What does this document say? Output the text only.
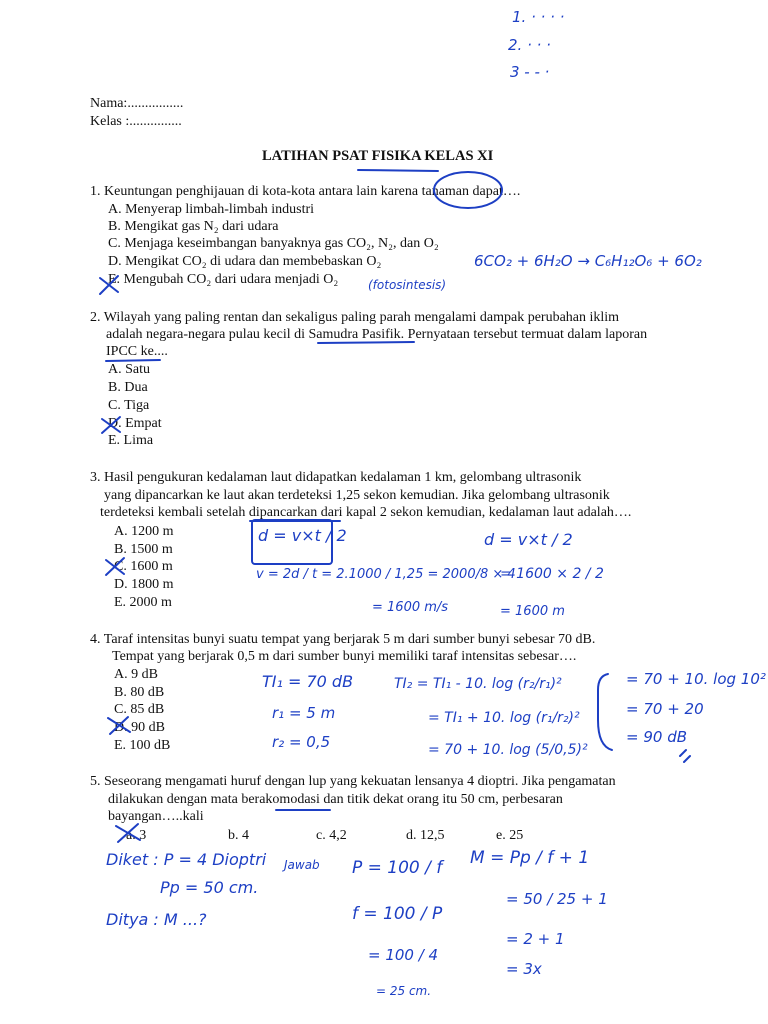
1. · · · ·
2. · · ·
3 - - ·
Nama:................
Kelas :...............
LATIHAN PSAT FISIKA KELAS XI
1. Keuntungan penghijauan di kota-kota antara lain karena tanaman dapat….
A. Menyerap limbah-limbah industri
B. Mengikat gas N₂ dari udara
C. Menjaga keseimbangan banyaknya gas CO₂, N₂, dan O₂
D. Mengikat CO₂ di udara dan membebaskan O₂
E. Mengubah CO₂ dari udara menjadi O₂
6CO₂ + 6H₂O → C₆H₁₂O₆ + 6O₂
(fotosintesis)
2. Wilayah yang paling rentan dan sekaligus paling parah mengalami dampak perubahan iklim
adalah negara-negara pulau kecil di Samudra Pasifik. Pernyataan tersebut termuat dalam laporan
IPCC ke....
A. Satu
B. Dua
C. Tiga
D. Empat
E. Lima
3. Hasil pengukuran kedalaman laut didapatkan kedalaman 1 km, gelombang ultrasonik
yang dipancarkan ke laut akan terdeteksi 1,25 sekon kemudian. Jika gelombang ultrasonik
terdeteksi kembali setelah dipancarkan dari kapal 2 sekon kemudian, kedalaman laut adalah….
A. 1200 m
B. 1500 m
C. 1600 m
D. 1800 m
E. 2000 m
d = v×t / 2
v = 2d / t = 2.1000 / 1,25 = 2000/8 × 4
= 1600 m/s
d = v×t / 2
= 1600 × 2 / 2
= 1600 m
4. Taraf intensitas bunyi suatu tempat yang berjarak 5 m dari sumber bunyi sebesar 70 dB.
Tempat yang berjarak 0,5 m dari sumber bunyi memiliki taraf intensitas sebesar….
A. 9 dB
B. 80 dB
C. 85 dB
D. 90 dB
E. 100 dB
TI₁ = 70 dB
r₁ = 5 m
r₂ = 0,5
TI₂ = TI₁ - 10. log (r₂/r₁)²
= TI₁ + 10. log (r₁/r₂)²
= 70 + 10. log (5/0,5)²
= 70 + 10. log 10²
= 70 + 20
= 90 dB
5. Seseorang mengamati huruf dengan lup yang kekuatan lensanya 4 dioptri. Jika pengamatan
dilakukan dengan mata berakomodasi dan titik dekat orang itu 50 cm, perbesaran
bayangan…..kali
a. 3	b. 4	c. 4,2	d. 12,5	e. 25
Diket : P = 4 Dioptri
Pp = 50 cm.
Ditya : M ...?
Jawab P = 100 / f
f = 100 / P
= 100 / 4
= 25 cm.
M = Pp / f + 1
= 50 / 25 + 1
= 2 + 1
= 3x
